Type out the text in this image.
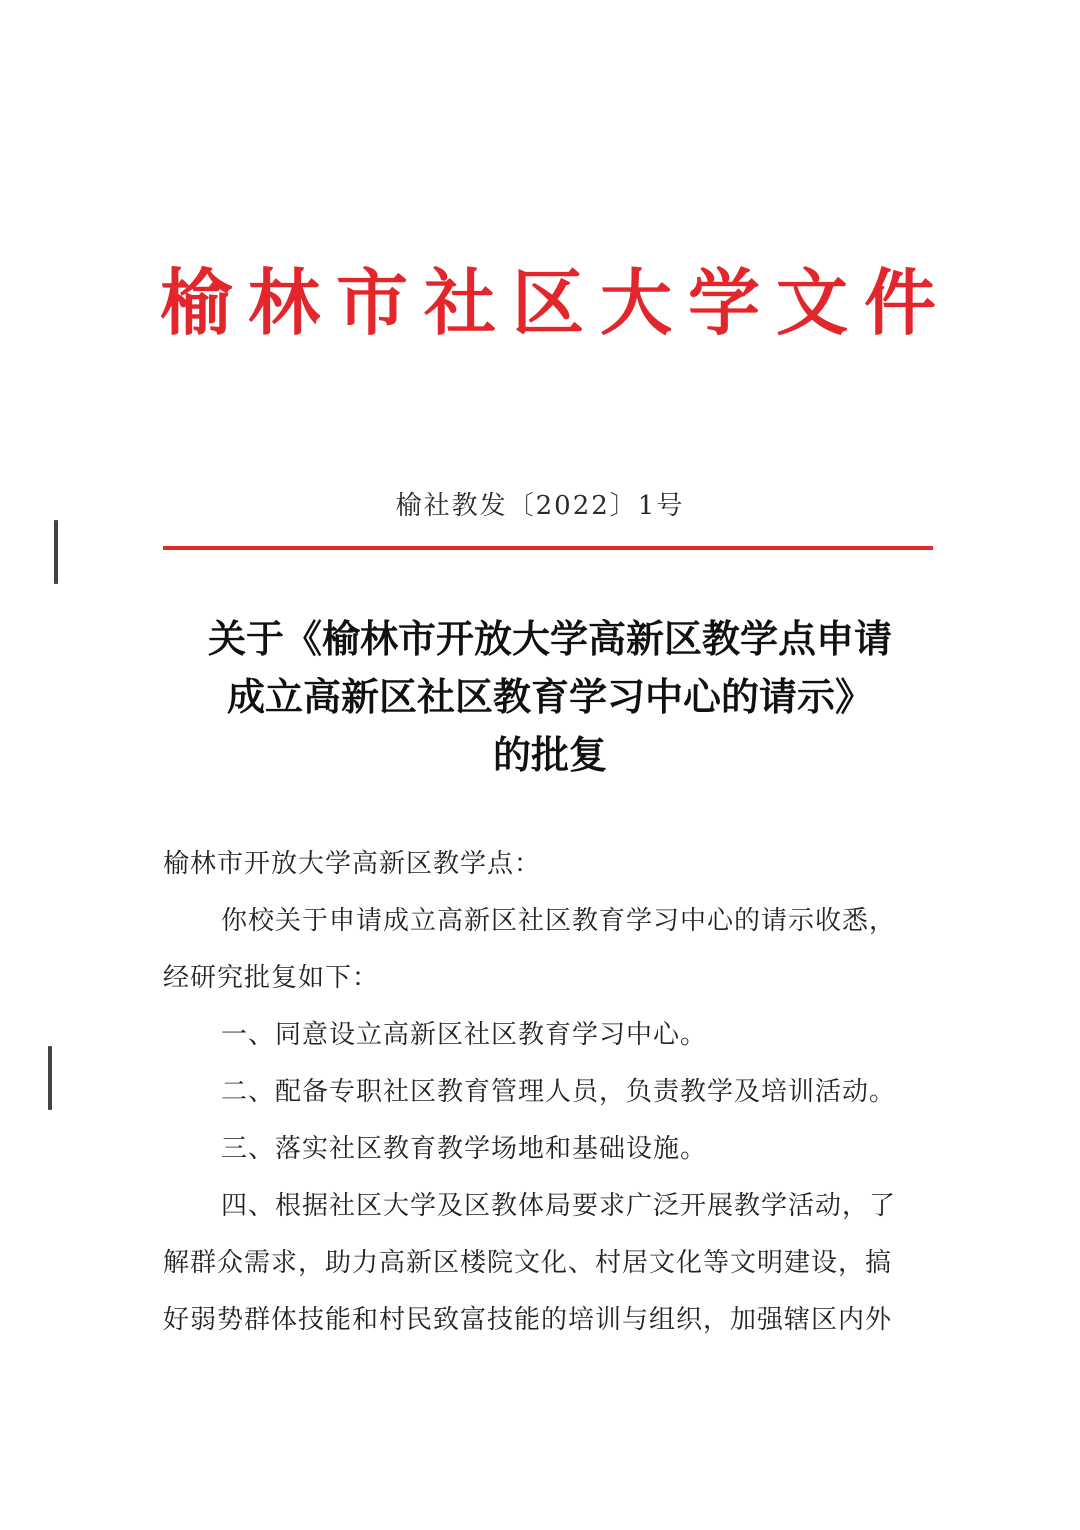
榆林市社区大学文件
榆社教发〔2022〕1号
关于《榆林市开放大学高新区教学点申请
成立高新区社区教育学习中心的请示》
的批复
榆林市开放大学高新区教学点：
你校关于申请成立高新区社区教育学习中心的请示收悉，
经研究批复如下：
一、同意设立高新区社区教育学习中心。
二、配备专职社区教育管理人员，负责教学及培训活动。
三、落实社区教育教学场地和基础设施。
四、根据社区大学及区教体局要求广泛开展教学活动，了
解群众需求，助力高新区楼院文化、村居文化等文明建设，搞
好弱势群体技能和村民致富技能的培训与组织，加强辖区内外
